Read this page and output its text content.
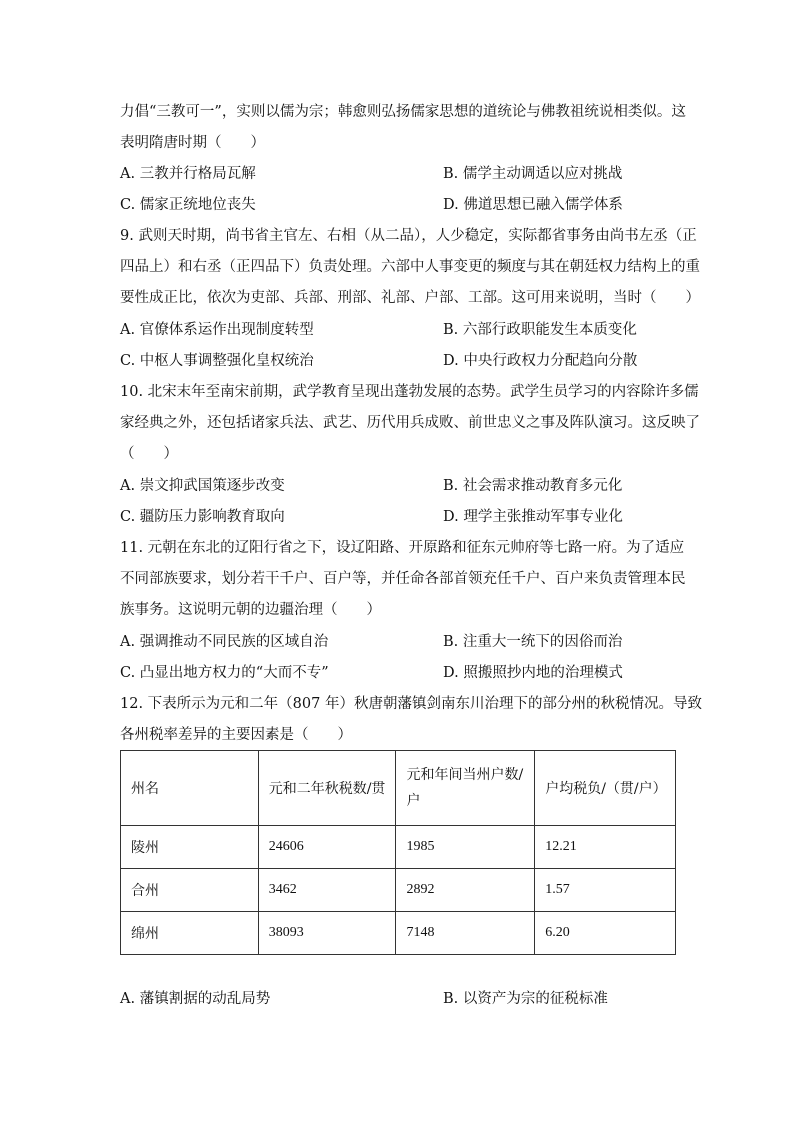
力倡“三教可一”，实则以儒为宗；韩愈则弘扬儒家思想的道统论与佛教祖统说相类似。这
表明隋唐时期（　　）
A. 三教并行格局瓦解	B. 儒学主动调适以应对挑战
C. 儒家正统地位丧失	D. 佛道思想已融入儒学体系
9. 武则天时期，尚书省主官左、右相（从二品），人少稳定，实际都省事务由尚书左丞（正
四品上）和右丞（正四品下）负责处理。六部中人事变更的频度与其在朝廷权力结构上的重
要性成正比，依次为吏部、兵部、刑部、礼部、户部、工部。这可用来说明，当时（　　）
A. 官僚体系运作出现制度转型	B. 六部行政职能发生本质变化
C. 中枢人事调整强化皇权统治	D. 中央行政权力分配趋向分散
10. 北宋末年至南宋前期，武学教育呈现出蓬勃发展的态势。武学生员学习的内容除许多儒
家经典之外，还包括诸家兵法、武艺、历代用兵成败、前世忠义之事及阵队演习。这反映了
（　　）
A. 崇文抑武国策逐步改变	B. 社会需求推动教育多元化
C. 疆防压力影响教育取向	D. 理学主张推动军事专业化
11. 元朝在东北的辽阳行省之下，设辽阳路、开原路和征东元帅府等七路一府。为了适应
不同部族要求，划分若干千户、百户等，并任命各部首领充任千户、百户来负责管理本民
族事务。这说明元朝的边疆治理（　　）
A. 强调推动不同民族的区域自治	B. 注重大一统下的因俗而治
C. 凸显出地方权力的“大而不专”	D. 照搬照抄内地的治理模式
12. 下表所示为元和二年（807 年）秋唐朝藩镇剑南东川治理下的部分州的秋税情况。导致
各州税率差异的主要因素是（　　）
州名	元和二年秋税数/贯	元和年间当州户数/户	户均税负/（贯/户）
陵州	24606	1985	12.21
合州	3462	2892	1.57
绵州	38093	7148	6.20
A. 藩镇割据的动乱局势	B. 以资产为宗的征税标准
